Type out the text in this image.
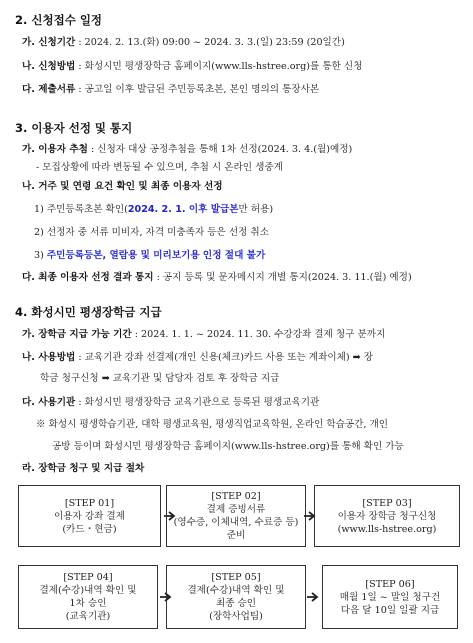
2. 신청접수 일정
가. 신청기간 : 2024. 2. 13.(화) 09:00 ~ 2024. 3. 3.(일) 23:59 (20일간)
나. 신청방법 : 화성시민 평생장학금 홈페이지(www.lls-hstree.org)를 통한 신청
다. 제출서류 : 공고일 이후 발급된 주민등록초본, 본인 명의의 통장사본
3. 이용자 선정 및 통지
가. 이용자 추첨 : 신청자 대상 공정추첨을 통해 1차 선정(2024. 3. 4.(월)예정)
- 모집상황에 따라 변동될 수 있으며, 추첨 시 온라인 생중계
나. 거주 및 연령 요건 확인 및 최종 이용자 선정
1) 주민등록초본 확인(2024. 2. 1. 이후 발급본만 허용)
2) 선정자 중 서류 미비자, 자격 미충족자 등은 선정 취소
3) 주민등록등본, 열람용 및 미리보기용 인정 절대 불가
다. 최종 이용자 선정 결과 통지 : 공지 등록 및 문자메시지 개별 통지(2024. 3. 11.(월) 예정)
4. 화성시민 평생장학금 지급
가. 장학금 지급 가능 기간 : 2024. 1. 1. ~ 2024. 11. 30. 수강강좌 결제 청구 분까지
나. 사용방법 : 교육기관 강좌 선결제(개인 신용(체크)카드 사용 또는 계좌이체) ➡ 장
학금 청구신청 ➡ 교육기관 및 담당자 검토 후 장학금 지급
다. 사용기관 : 화성시민 평생장학금 교육기관으로 등록된 평생교육기관
※ 화성시 평생학습기관, 대학 평생교육원, 평생직업교육학원, 온라인 학습공간, 개인
공방 등이며 화성시민 평생장학금 홈페이지(www.lls-hstree.org)를 통해 확인 가능
라. 장학금 청구 및 지급 절차
[STEP 01]
이용자 강좌 결제
(카드・현금)
[STEP 02]
결제 증빙서류
(영수증, 이체내역, 수료증 등)
준비
[STEP 03]
이용자 장학금 청구신청
(www.lls-hstree.org)
[STEP 04]
결제(수강)내역 확인 및
1차 승인
(교육기관)
[STEP 05]
결제(수강)내역 확인 및
최종 승인
(장학사업팀)
[STEP 06]
매월 1일 ~ 말일 청구건
다음 달 10일 일괄 지급
